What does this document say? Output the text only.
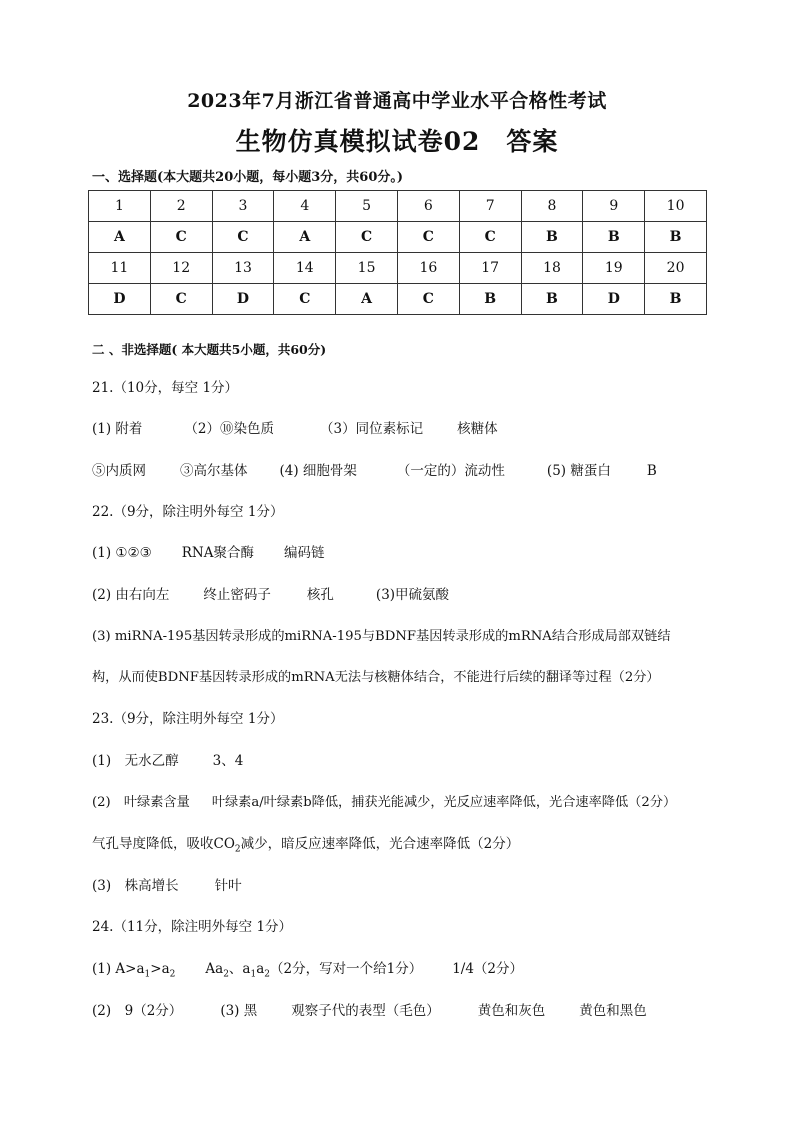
2023年7月浙江省普通高中学业水平合格性考试
生物仿真模拟试卷02　答案
一、选择题(本大题共20小题，每小题3分，共60分。)
1	2	3	4	5	6	7	8	9	10
A	C	C	A	C	C	C	B	B	B
11	12	13	14	15	16	17	18	19	20
D	C	D	C	A	C	B	B	D	B
二 、非选择题( 本大题共5小题，共60分)
21.（10分，每空 1分）
(1) 附着	（2）⑩染色质	（3）同位素标记	核糖体
⑤内质网	③高尔基体 (4) 细胞骨架	（一定的）流动性	(5) 糖蛋白	B
22.（9分，除注明外每空 1分）
(1) ①②③ RNA聚合酶 编码链
(2) 由右向左	终止密码子	核孔	(3)甲硫氨酸
(3) miRNA-195基因转录形成的miRNA-195与BDNF基因转录形成的mRNA结合形成局部双链结
构，从而使BDNF基因转录形成的mRNA无法与核糖体结合，不能进行后续的翻译等过程（2分）
23.（9分，除注明外每空 1分）
(1)　无水乙醇	3、4
(2)　叶绿素含量 叶绿素a/叶绿素b降低，捕获光能减少，光反应速率降低，光合速率降低（2分）
气孔导度降低，吸收$CO_2$减少，暗反应速率降低，光合速率降低（2分）
(3)　株高增长	针叶
24.（11分，除注明外每空 1分）
(1) $A>a_1>a_2$ $Aa_2$、$a_1a_2(2$分，写对一个给1分） 1/4（2分）
(2)　9（2分）	(3) 黑	观察子代的表型（毛色）	黄色和灰色	黄色和黑色
